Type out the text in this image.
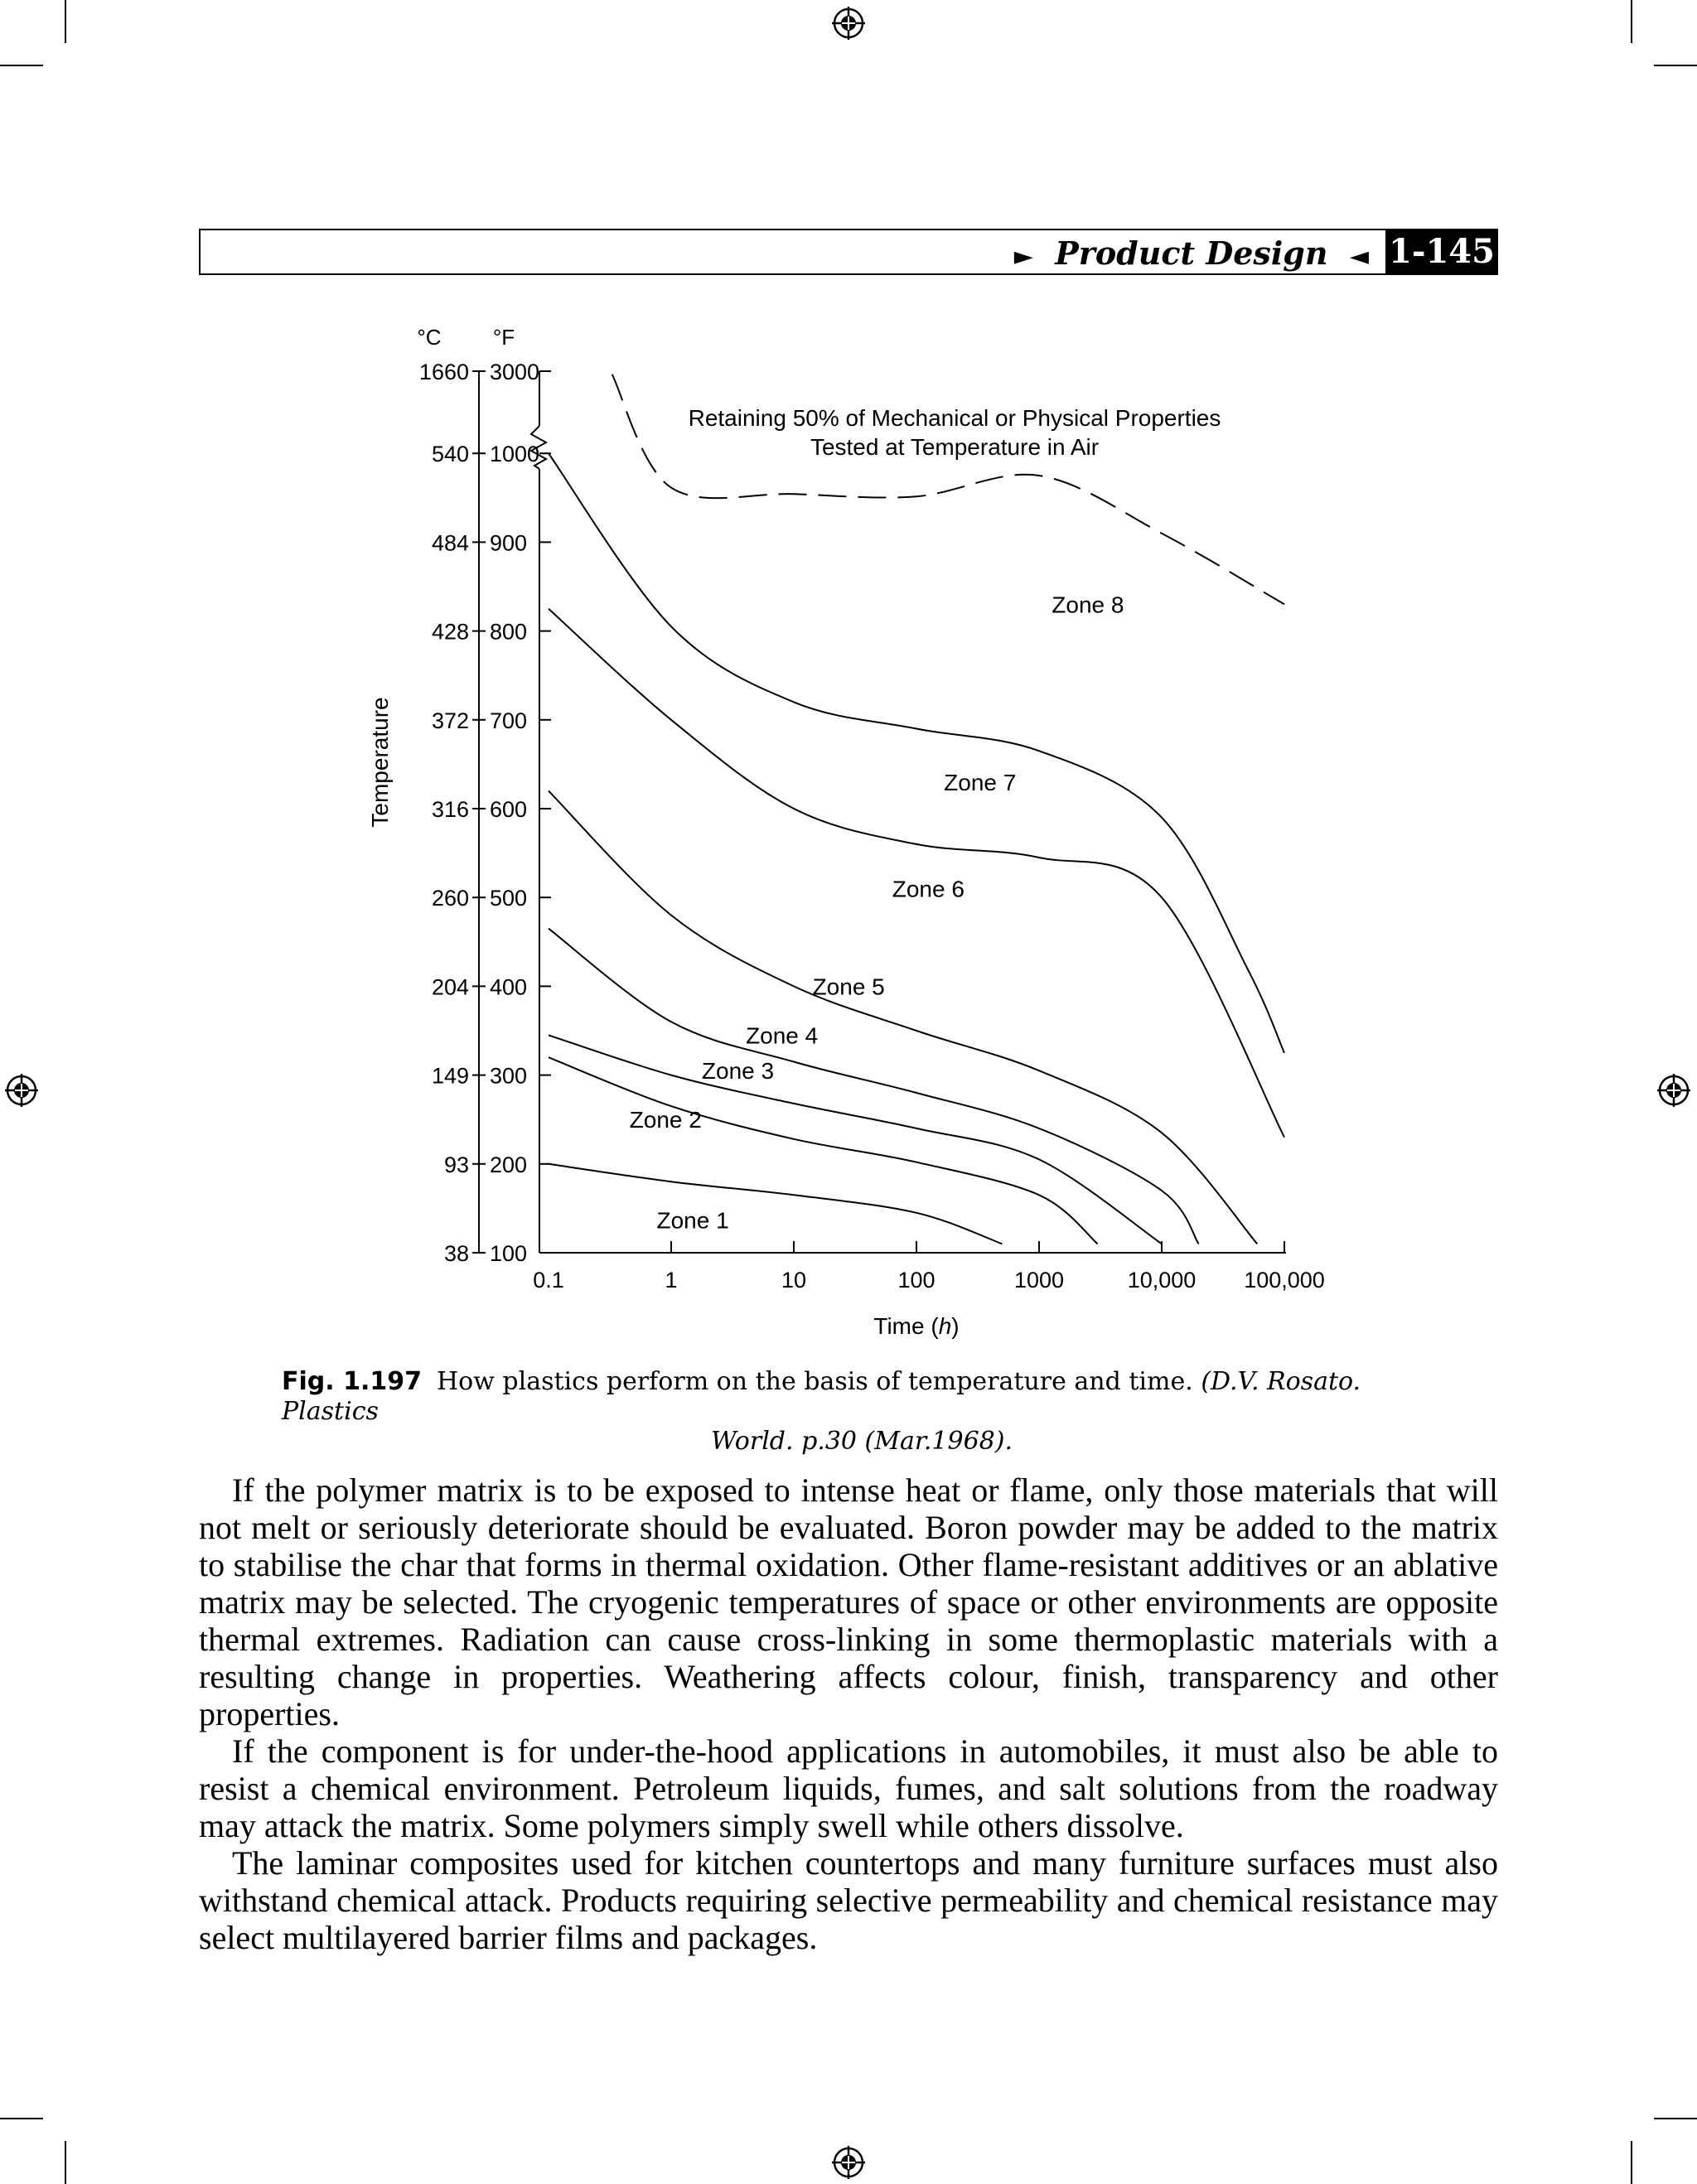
► Product Design ◄ 1-145
°C °F
1660 3000
540 1000
484 900
428 800
372 700
316 600
260 500
204 400
149 300
93 200
38 100
0.1	1	10	100	1000	10,000 100,000
Time (h)
Temperature
Retaining 50% of Mechanical or Physical Properties
Tested at Temperature in Air
Zone 1
Zone 2
Zone 3
Zone 4
Zone 5
Zone 6
Zone 7
Zone 8
Fig. 1.197 How plastics perform on the basis of temperature and time. (D.V. Rosato. Plastics
World. p.30 (Mar.1968).

If the polymer matrix is to be exposed to intense heat or flame, only those materials that will not melt or seriously deteriorate should be evaluated. Boron powder may be added to the matrix to stabilise the char that forms in thermal oxidation. Other flame-resistant additives or an ablative matrix may be selected. The cryogenic temperatures of space or other environments are opposite thermal extremes. Radiation can cause cross-linking in some thermoplastic materials with a resulting change in properties. Weathering affects colour, finish, transparency and other properties.

If the component is for under-the-hood applications in automobiles, it must also be able to resist a chemical environment. Petroleum liquids, fumes, and salt solutions from the roadway may attack the matrix. Some polymers simply swell while others dissolve.

The laminar composites used for kitchen countertops and many furniture surfaces must also withstand chemical attack. Products requiring selective permeability and chemical resistance may select multilayered barrier films and packages.
